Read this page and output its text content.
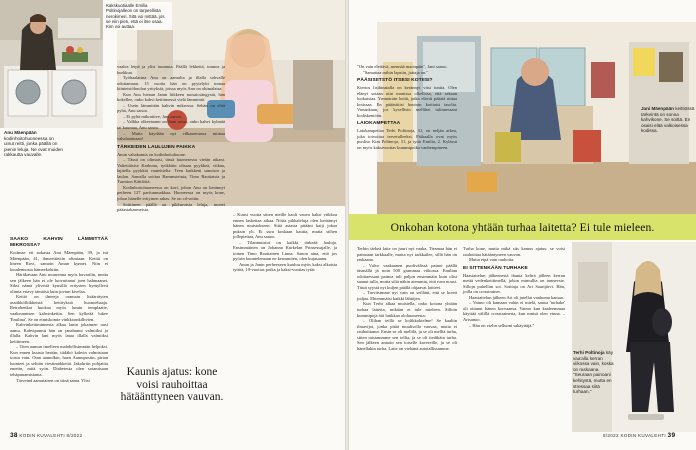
Kakskuotiaalle Emilia Poltinojalleon on tarpeellista nerokimeri. Sitä voi mittää, jos se niin pien, että ei itse osaa. Kim voi auttaa.
Anu Mäenpään kodinhoitohuoneessa on uinut reitti, jonka päällä on pienin leluja. Ne ovat muiden rakkautta vauvalle.
SAAKO KAHVIN LÄMMITTÄÄ MIKROSSA?

Kotimae ett aokasta Anu Mäenpään, 39, ja isä Mäenpään, 41, ihmeettäviin olimiaan. Kettiä on lineen Rovi, samoin Aman kynnet. Niin ei kuudennosta hämeekohtiin.

Häräkavaan Anu muurenna myös kuvarilin, mutta sen jälkeen hän ei ole luovuttanut joen hahmaanet. Siksi nämä ylivertä kynsillä eritysten hymyllevä olimia eriavy tämäisä kuin juviun kivelaa.

Kettiö on ilmeeja oramain lisäärräyten asstikkölliikkeistä kettityksiä huonoehaaja. Retrobenkat huokaa myös lumin templaatte, vaakeunnisen kahvinkeitin. Sen kylkeää lukee 'Emilina'. Se on etmiskomie vinkkoonkilhvien.

Kahvinkeitiminnesta alkaa lanin jokaimen uusi aamu. Kahvipunnit hän on janahunut valmiiksi ja illalla. Kahvin lani myös lataa illalla valmiiksi keittimeen.

– Tiien aamun tmelleen mahdollisimmän helpoksi. Kun ennen kuusta herään, tiidäkö kahvin valmistaan toista vain. Otan aamulkin, haen Aamupostin, pirian luonteet ja selitän viestimäkkeitä. Jakokriin pohjattia emetin, mitä syön. Diabetesta olen sotamisaan tehäpunamistania.

Tärveind aamutairen on siinä sama. Ylisi

vaalea leipä ja ylisi tuunmia. Päällä lekkettä, tuunoa ja kurkkua.

Työhaalarina Anu on aamulta ja illalla sohvalle odottamaan. 15 vuotta hän on pyytelyitt tomaa kiinteistöhuolon yrityksiä, joissa myös Anu on ohimalaisa.

Kun Anu hienan Janin liikkeen mosaicsängystä, hän kokellee, onko kahvi keittimessä vielä lämmintä.

– Usein lämmittän kahvin mikrossa. Sehän on ehtä pyhä, Anu sanoo.

– Ei pyhä mikrattive, Jani sanoo.

– Valkka olkeetaami on ihan sama, onko kahvi kylmää tai kuumaa, Anu sanoo.

– Mutta käydään nyt vilkasemassa miinaa vahalaaimaan!

TÄRKEIDEN LAULUJEN PAIKKA

Anun vahakamia on kodinhoitohuone.

– Tässä on olimaisi, tässä huonesessa vietän aikani. Valiettäisise Karkuun, työkkäin olisaas pyykkeä, vitkaa, lajitella pyykkiä vaateittelia. Teen kaikkeni sanoisin ja laulan. Samalla soittaa Rammsteinia, Timo Rautiaisia ja Turmion Kätilöitä.

Kodinhoitohuoneessa on kori, johon Anu on kerännyt perheen 127 parfummakkaa. Huoneessa on myös kone, johon hänelle erityinen rakas. Se on cd-soitin.

Soittimen päällä on pikkuruisia leluja, monet pääasiakasmeista.

– Kuusi vuotta sitten meille kaoli vauva kaksi viikkoa ennen laskettaa aikaa. Nöita pikkaleluja olen keräämyt hänen muistokseen. Siitä asiasta pitääni kaiji jokaa puksin yli. Et sura koskaan kautta, mutta siihen jollepiettaa, Anu sanoo.

– Tilanmuistot on kaikki tärkeää lauluja. Ensimmäinen on Johanna Kurkelan Prinsessajalle, ja toinen Timo Rautiainen Linna. Sanon aina, että jos pyörin kuuntelemaan ne kermmiten, olen kujasaanu.

Anun ja Janin perheeseen kuuluu myös kaksi alkaisia tyttöä, 19-vuotias poika ja kaksi-vuotias tytär.

Kaunis ajatus: kone voisi rauhoittaa hätäänttyneen vauvan.
38 KODIN KUVALEHTI 8/2022
Jani Mäenpään keittiössä tärkeintä on sonna kahvikone. Se soittä. En osaisi elää valkoisessa kodissa.

"On vain elettävä, mennää maonpäin", Jani sanoo.

"Samattaa mihin lapsiin, juttaja on."

PÄÄSISIITSTÖ ITSESI KOTIISI?

Kiertos lisihinatalla on kerännyt viisi tuntia. Olen elänyt sotaan niin monissa olkellosa, että sekaan luokaistaa. Ymmärrän heitä, jotka elävät pääaiä mitaa kotissaa. En päääsitiisi houtoin koittaisi tasolia. Varsinkaan, jos kysellisin mellihei tulinnessani kodiskentöön.

LAIOKAMPETTAA

Laiokampettaa Terhi Poltinoja, 31, on neljän arkea, joka toivottaa tervetulleeksi. Päikaalla ovat myös puoliso Kim Poltinoja, 31, ja tytär Emilia, 2. Kylässä on myös kaksivuotias kummipoika vanhempineen.

Onkohan kotona yhtään turhaa laitetta? Ei tule mieleen.

Terhin tärkeä laite on juuri nyt vaaka. Tiesmaa hän ei painoaan tarkkaalle, mutta nyt tarkkailee, sillä hän on raskaana.

– Valvo vaakaanen puolivälissä painoi päällä täsmällä jä noin 500 grammaa viikossa. Emilian odottaessani painoa tuli paljon ensimmäin kuin olisi saanut tulla, mutta siltä näkin aiemmin, että ruva nousi. Tästä syystä nyt kuljen päällä ohjaavat laitteet.

– Tarvitsimme nyt vain on seilläni, että se koreä jodjaa. Ehtemmäisi kaikki lähtöjen.

Kun Terhi alkaa muistella, onko kotona yhtään turhaa laitetta, mikään ei tule mieleen. Silloin kummipoja äiti huikkaa olohuoneesta:

– Olihan teillä se kolikkokielme! Se kaaliin ilmavijoi, jonka pitää muulisolla vauvaa, mutta ei rauhoittanut. Ensin se oli mellilä, ja se oli melliä turha, sitten taisiammme sen tellia, ja se oli tiedikäin turha. Sen jälkeen annoin sen toiselle kavereille, ja se oli hänellakin turha. Laite on viekänä autotallissamme.

Turha kone, mutta mikä siis kamus ajatus: se voisi rauhoittaa hätääntyneen vauvan.

Mutta eipä vain rauhoita.

EI SITTENKÄÄN TURHAKE

Haastattelun jälkeenestä ihania kelträ jälleen kerran mettä vedenkeittimellä, johon mimullia on tunnevste. Sillojn puhellun soi. Soittaja on Ari Saarijärvi. Hän, joilla on crosstrainer.

Haastattelun jälkeen Ari oli jutellut vanhoma kamaa.

– Vaimo oli kamaan vahin ei mielä, sanoa 'turhake' oli ottanut hänen korvaansa. Vaimo kun kaaleemmaa käyttää välillä crosstraineria, kun mnisä olen vinna. – Arisanoo.

– Hän on vielin selluoni sakäyttäjä."

Terhi Poltinoja käy vaa'alla kerran viikossa vain, koska on raskaana. "Seuraan painoani kehitystä, mutta en stressaa siitä turhaan."
8/2022 KODIN KUVALEHTI 39
